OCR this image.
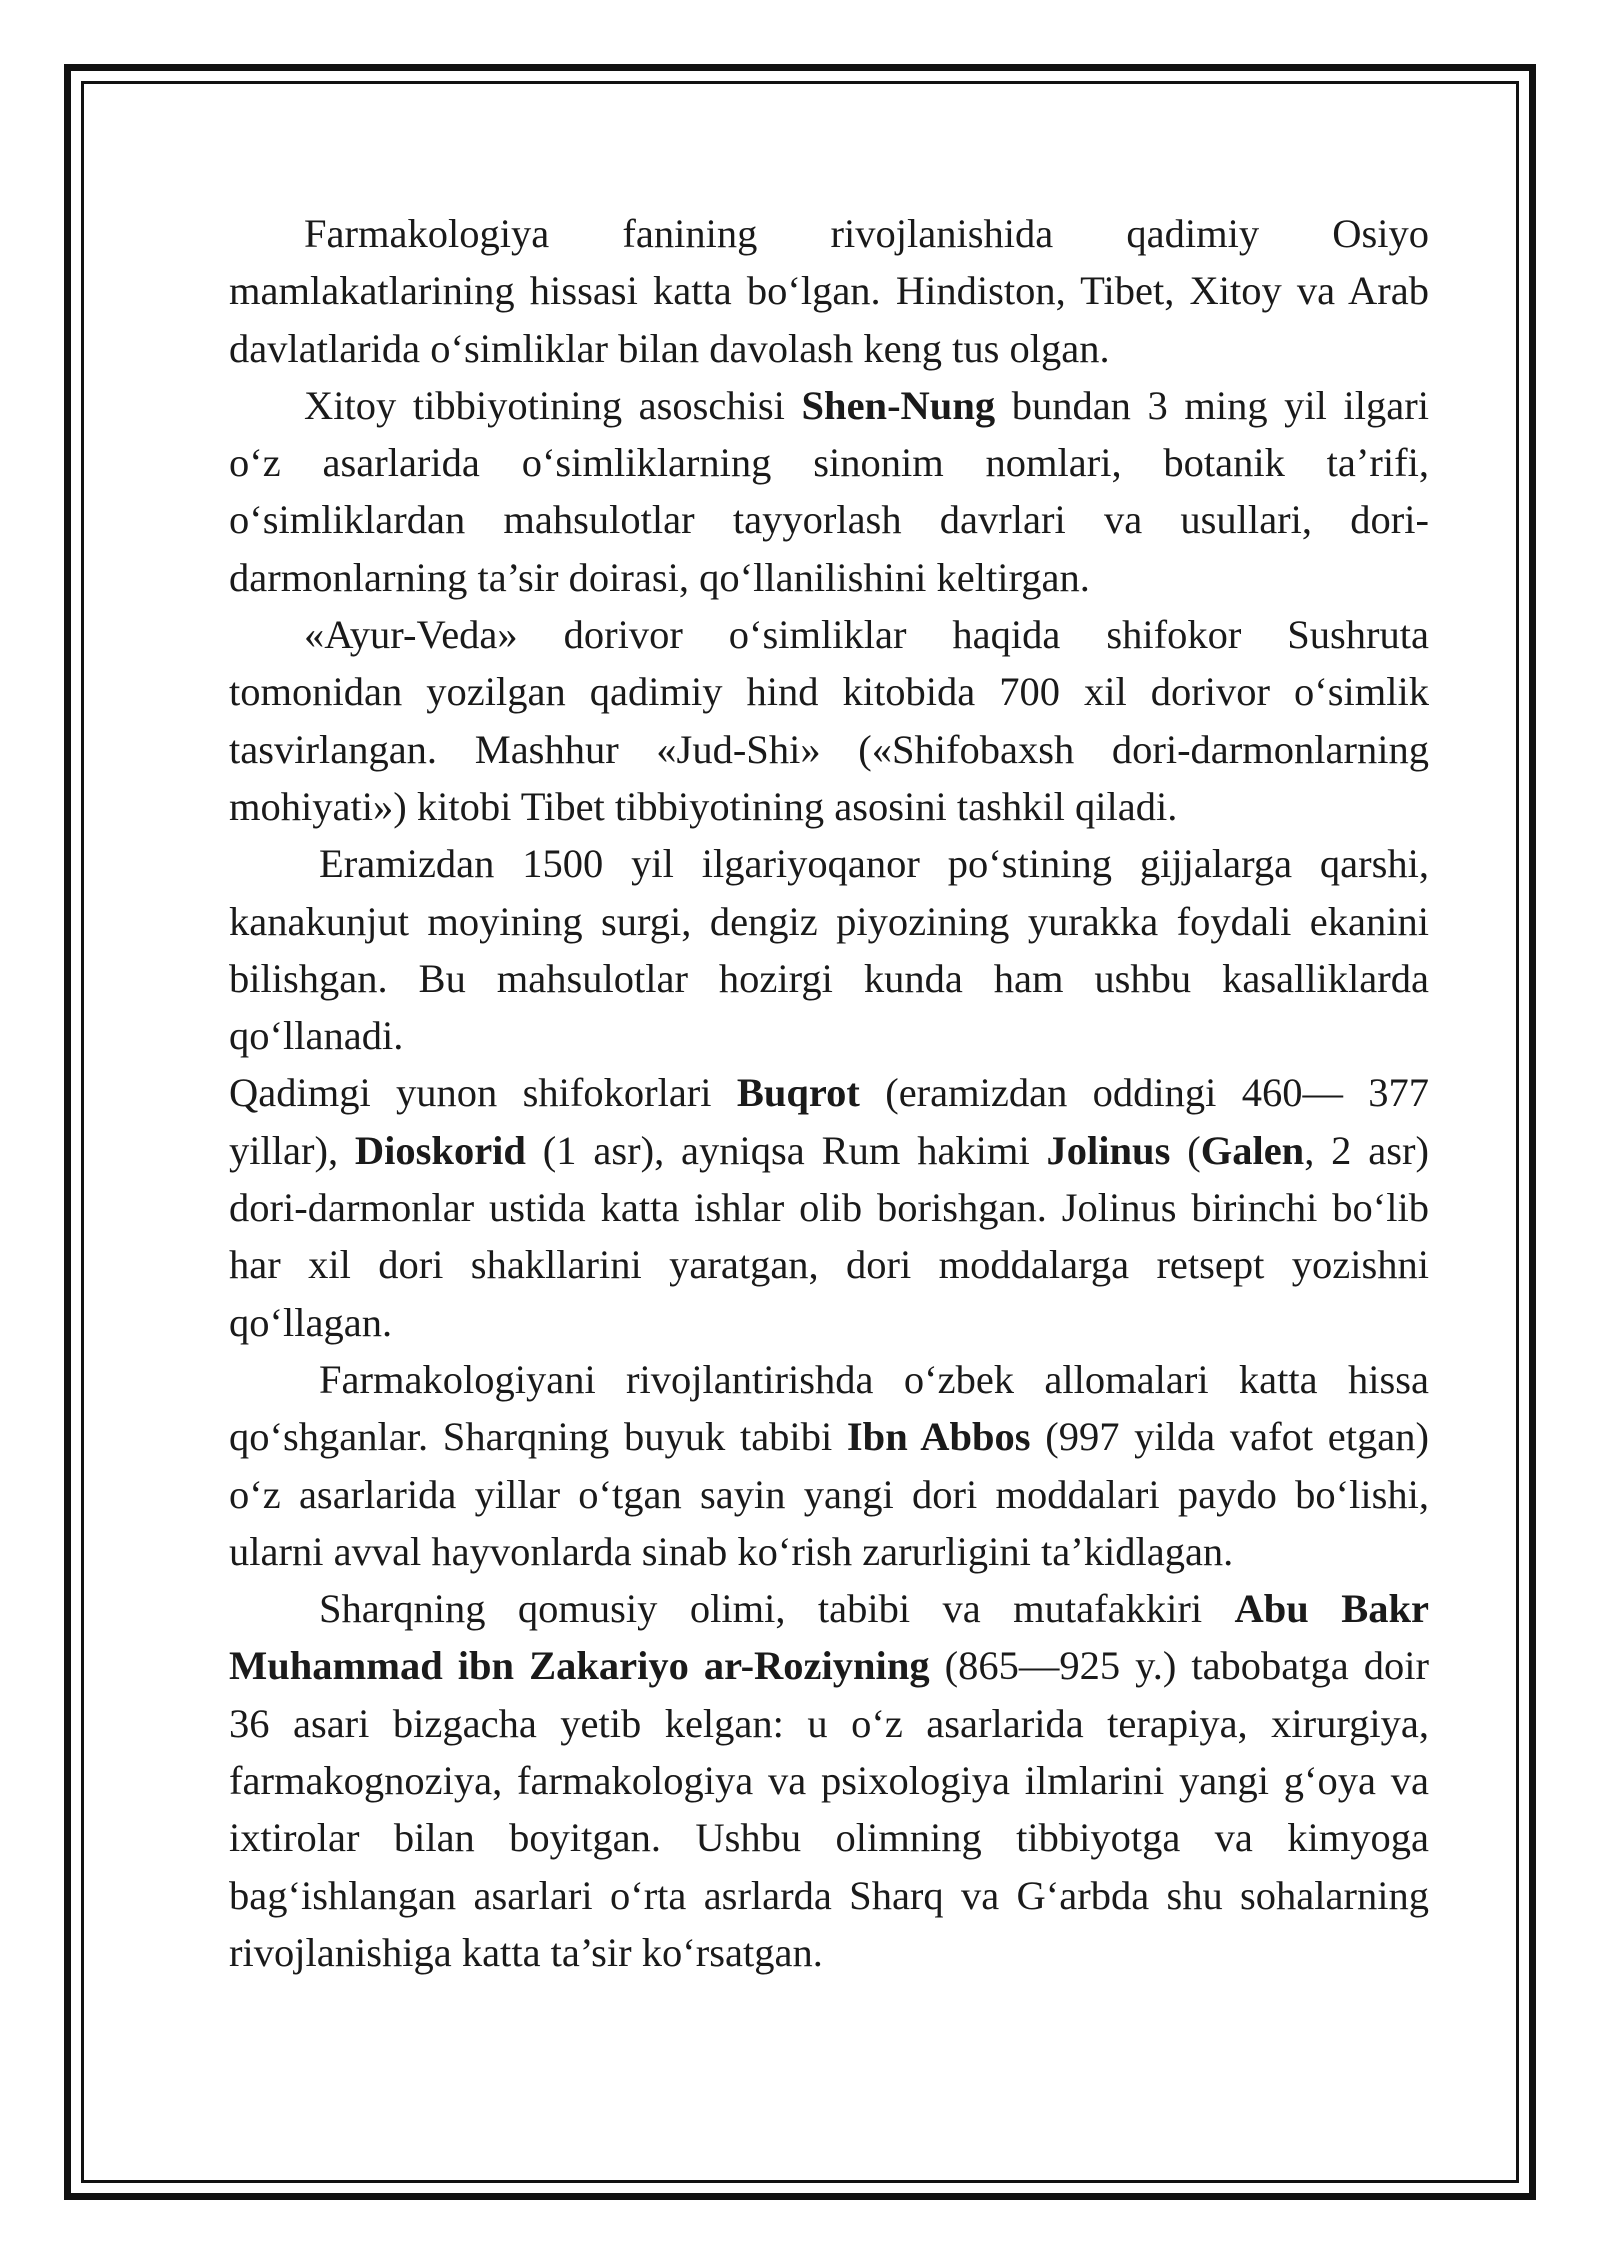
Farmakologiya fanining rivojlanishida qadimiy Osiyo mamlakatlarining hissasi katta bo‘lgan. Hindiston, Tibet, Xitoy va Arab davlatlarida o‘simliklar bilan davolash keng tus olgan.

Xitoy tibbiyotining asoschisi Shen-Nung bundan 3 ming yil ilgari o‘z asarlarida o‘simliklarning sinonim nomlari, botanik ta’rifi, o‘simliklardan mahsulotlar tayyorlash davrlari va usullari, dori-darmonlarning ta’sir doirasi, qo‘llanilishini keltirgan.

«Ayur-Veda» dorivor o‘simliklar haqida shifokor Sushruta tomonidan yozilgan qadimiy hind kitobida 700 xil dorivor o‘simlik tasvirlangan. Mashhur «Jud-Shi» («Shifobaxsh dori-darmonlarning mohiyati») kitobi Tibet tibbiyotining asosini tashkil qiladi.

Eramizdan 1500 yil ilgariyoqanor po‘stining gijjalarga qarshi, kanakunjut moyining surgi, dengiz piyozining yurakka foydali ekanini bilishgan. Bu mahsulotlar hozirgi kunda ham ushbu kasalliklarda qo‘llanadi.

Qadimgi yunon shifokorlari Buqrot (eramizdan oddingi 460— 377 yillar), Dioskorid (1 asr), ayniqsa Rum hakimi Jolinus (Galen, 2 asr) dori-darmonlar ustida katta ishlar olib borishgan. Jolinus birinchi bo‘lib har xil dori shakllarini yaratgan, dori moddalarga retsept yozishni qo‘llagan.

Farmakologiyani rivojlantirishda o‘zbek allomalari katta hissa qo‘shganlar. Sharqning buyuk tabibi Ibn Abbos (997 yilda vafot etgan) o‘z asarlarida yillar o‘tgan sayin yangi dori moddalari paydo bo‘lishi, ularni avval hayvonlarda sinab ko‘rish zarurligini ta’kidlagan.

Sharqning qomusiy olimi, tabibi va mutafakkiri Abu Bakr Muhammad ibn Zakariyo ar-Roziyning (865—925 y.) tabobatga doir 36 asari bizgacha yetib kelgan: u o‘z asarlarida terapiya, xirurgiya, farmakognoziya, farmakologiya va psixologiya ilmlarini yangi g‘oya va ixtirolar bilan boyitgan. Ushbu olimning tibbiyotga va kimyoga bag‘ishlangan asarlari o‘rta asrlarda Sharq va G‘arbda shu sohalarning rivojlanishiga katta ta’sir ko‘rsatgan.
